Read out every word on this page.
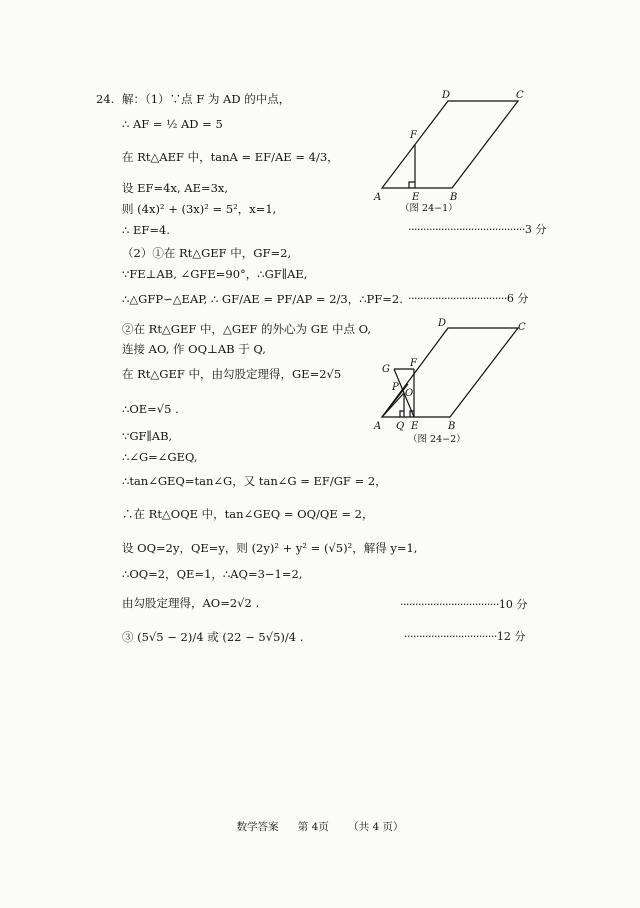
24. 解：（1）∵点 F 为 AD 的中点，
∴ AF = ½ AD = 5
在 Rt△AEF 中，tanA = EF/AE = 4/3，
设 EF=4x, AE=3x,
则 (4x)² + (3x)² = 5²，x=1,
∴ EF=4.
（2）①在 Rt△GEF 中，GF=2,
∵FE⊥AB, ∠GFE=90°，∴GF∥AE,
∴△GFP∽△EAP, ∴ GF/AE = PF/AP = 2/3，∴PF=2.
②在 Rt△GEF 中，△GEF 的外心为 GE 中点 O,
连接 AO, 作 OQ⊥AB 于 Q,
在 Rt△GEF 中，由勾股定理得，GE=2√5
∴OE=√5 .
∵GF∥AB,
∴∠G=∠GEQ,
∴tan∠GEQ=tan∠G，又 tan∠G = EF/GF = 2，
∴在 Rt△OQE 中，tan∠GEQ = OQ/QE = 2，
设 OQ=2y，QE=y，则 (2y)² + y² = (√5)²，解得 y=1,
∴OQ=2，QE=1，∴AQ=3−1=2,
由勾股定理得，AO=2√2 .
③ (5√5 − 2)/4 或 (22 − 5√5)/4 .
·······································3 分
·································6 分
·································10 分
·······························12 分
A	E	B
D	C
F
（图 24−1）
A Q E	B
D	C
F
G
P
O
（图 24−2）
数学答案 第 4页 （共 4 页）
